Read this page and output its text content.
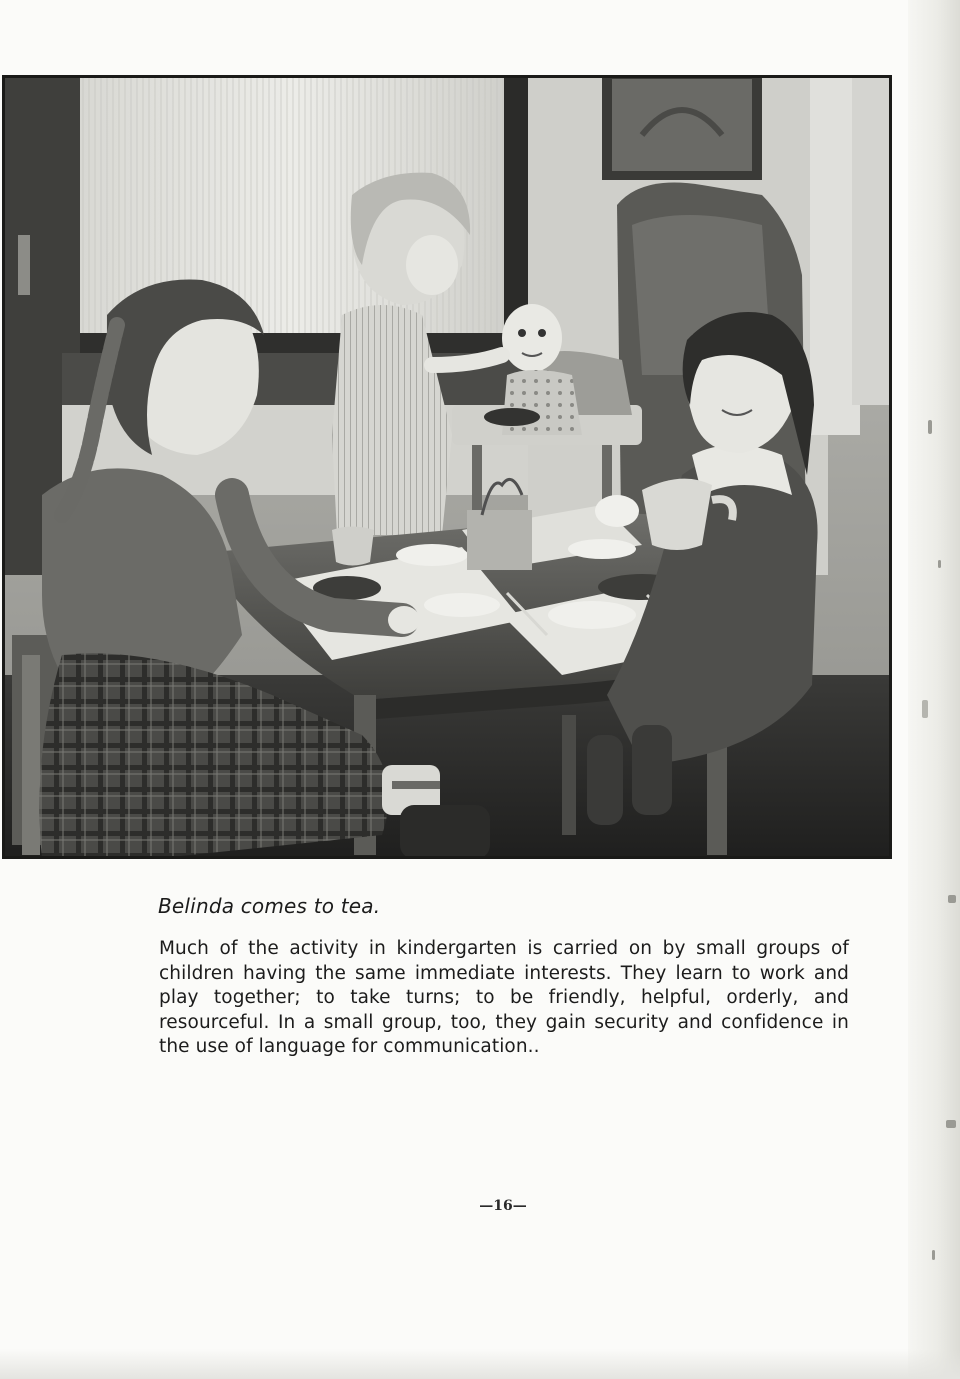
Belinda comes to tea.

Much of the activity in kindergarten is carried on by small groups of children having the same immediate interests. They learn to work and play together; to take turns; to be friendly, helpful, orderly, and resourceful. In a small group, too, they gain security and confidence in the use of language for communication..

—16—
